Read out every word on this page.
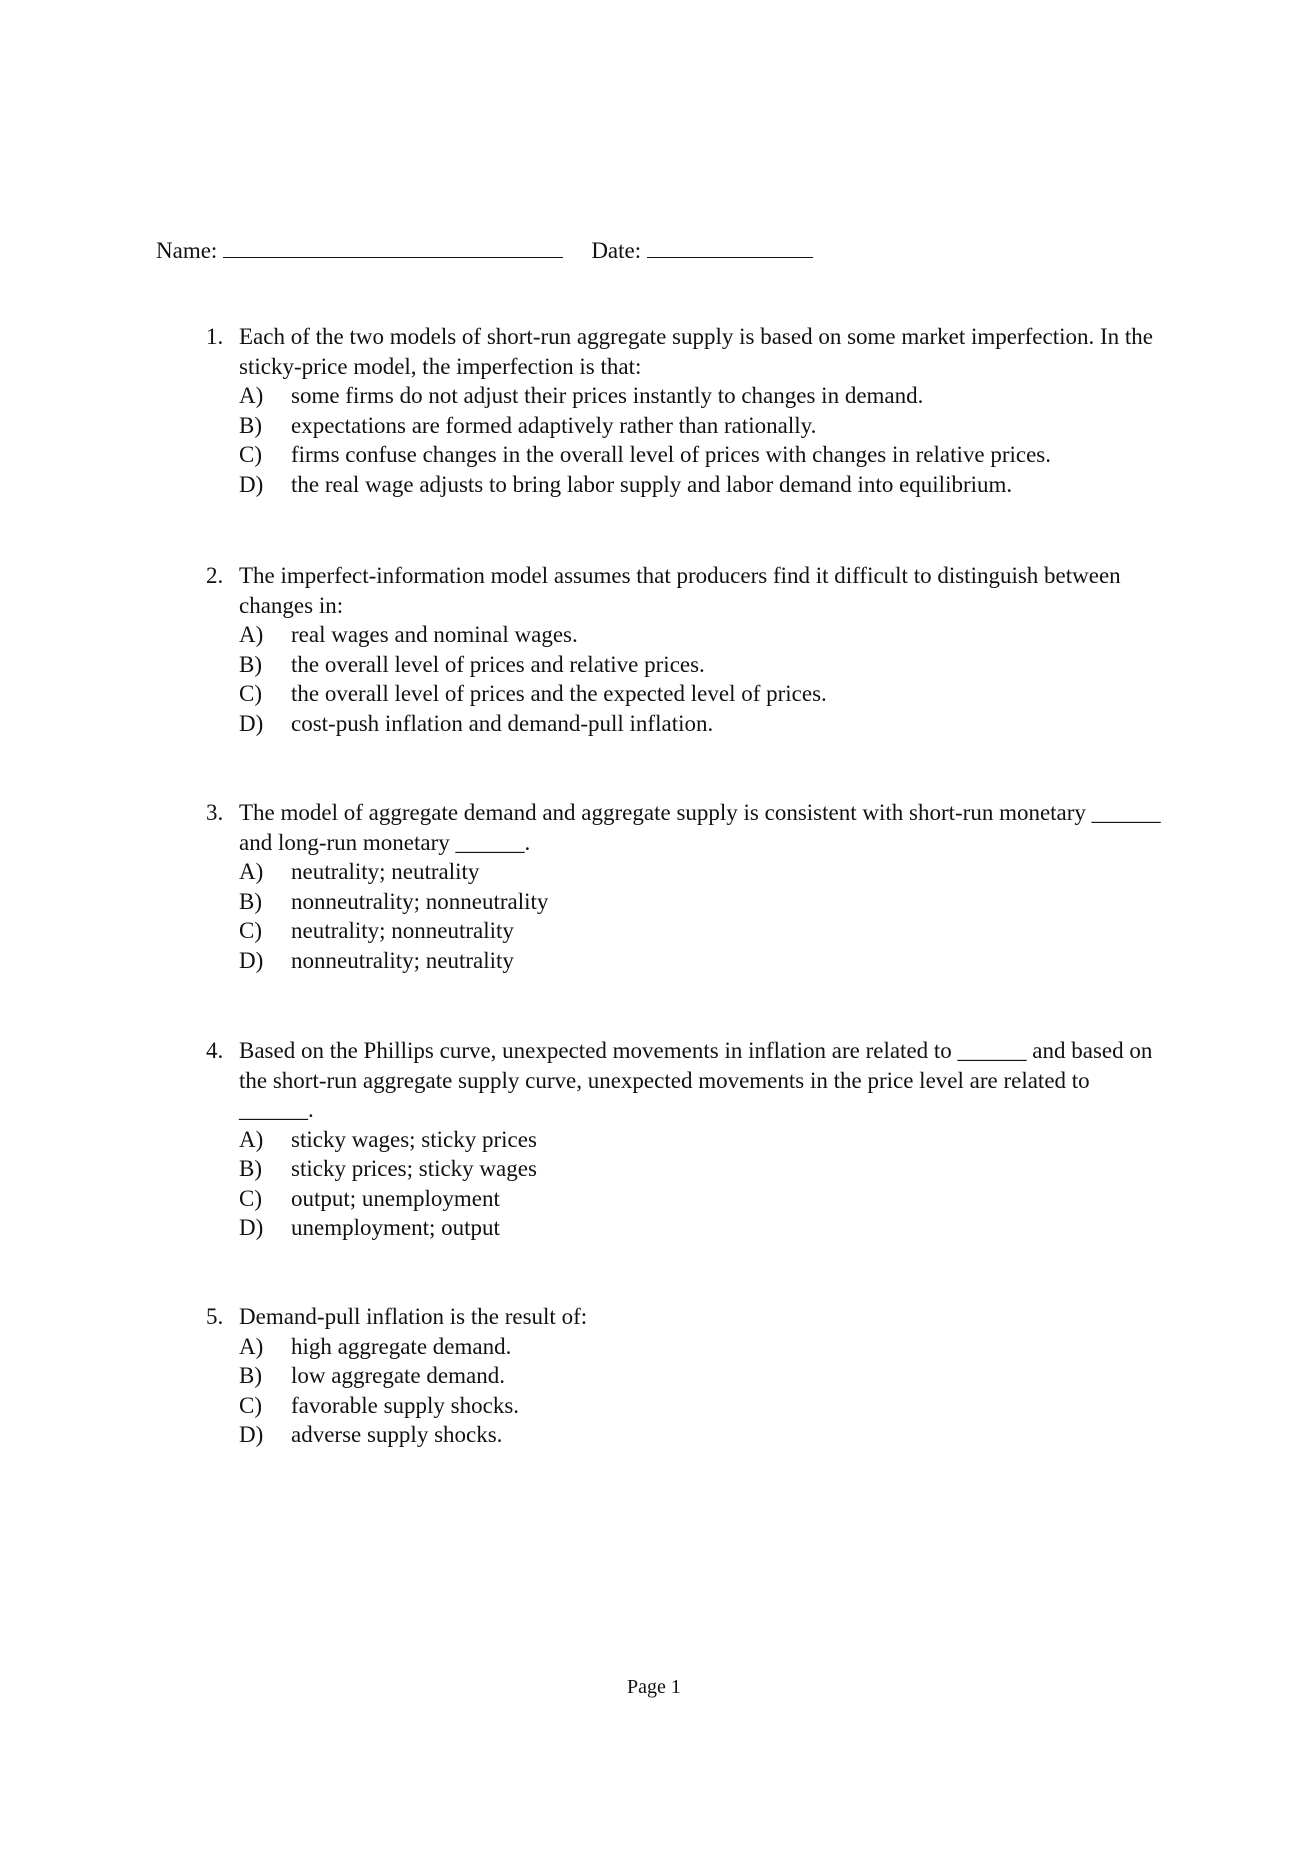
Name:	Date:
1. Each of the two models of short-run aggregate supply is based on some market imperfection. In the sticky-price model, the imperfection is that:
A)	some firms do not adjust their prices instantly to changes in demand.
B)	expectations are formed adaptively rather than rationally.
C)	firms confuse changes in the overall level of prices with changes in relative prices.
D)	the real wage adjusts to bring labor supply and labor demand into equilibrium.
2. The imperfect-information model assumes that producers find it difficult to distinguish between changes in:
A)	real wages and nominal wages.
B)	the overall level of prices and relative prices.
C)	the overall level of prices and the expected level of prices.
D)	cost-push inflation and demand-pull inflation.
3. The model of aggregate demand and aggregate supply is consistent with short-run monetary ______ and long-run monetary ______.
A)	neutrality; neutrality
B)	nonneutrality; nonneutrality
C)	neutrality; nonneutrality
D)	nonneutrality; neutrality
4. Based on the Phillips curve, unexpected movements in inflation are related to ______ and based on the short-run aggregate supply curve, unexpected movements in the price level are related to ______.
A)	sticky wages; sticky prices
B)	sticky prices; sticky wages
C)	output; unemployment
D)	unemployment; output
5. Demand-pull inflation is the result of:
A)	high aggregate demand.
B)	low aggregate demand.
C)	favorable supply shocks.
D)	adverse supply shocks.
Page 1
